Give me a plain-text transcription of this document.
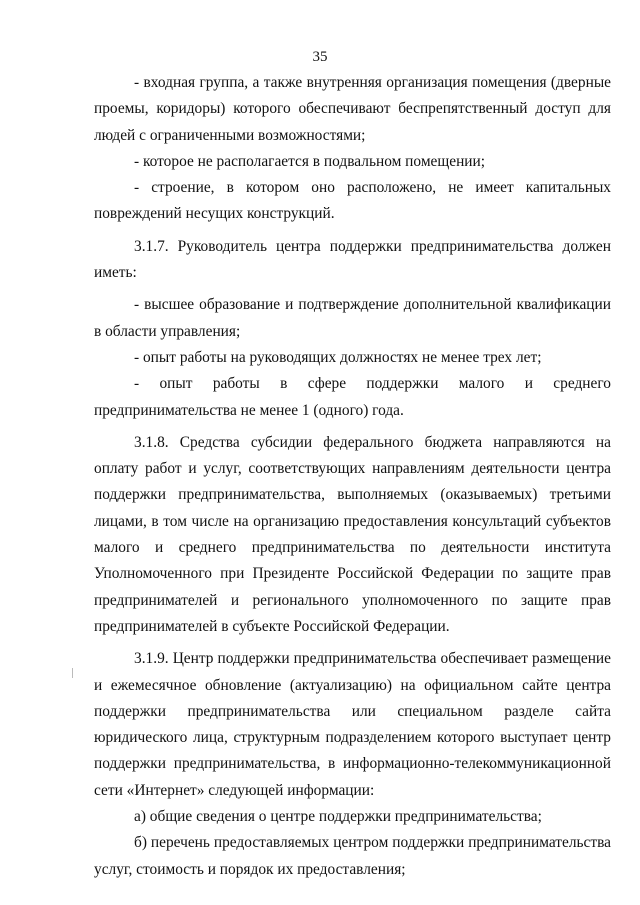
35

- входная группа, а также внутренняя организация помещения (дверные проемы, коридоры) которого обеспечивают беспрепятственный доступ для людей с ограниченными возможностями;

- которое не располагается в подвальном помещении;

- строение, в котором оно расположено, не имеет капитальных повреждений несущих конструкций.

3.1.7. Руководитель центра поддержки предпринимательства должен иметь:

- высшее образование и подтверждение дополнительной квалификации в области управления;

- опыт работы на руководящих должностях не менее трех лет;

- опыт работы в сфере поддержки малого и среднего предпринимательства не менее 1 (одного) года.

3.1.8. Средства субсидии федерального бюджета направляются на оплату работ и услуг, соответствующих направлениям деятельности центра поддержки предпринимательства, выполняемых (оказываемых) третьими лицами, в том числе на организацию предоставления консультаций субъектов малого и среднего предпринимательства по деятельности института Уполномоченного при Президенте Российской Федерации по защите прав предпринимателей и регионального уполномоченного по защите прав предпринимателей в субъекте Российской Федерации.

3.1.9. Центр поддержки предпринимательства обеспечивает размещение и ежемесячное обновление (актуализацию) на официальном сайте центра поддержки предпринимательства или специальном разделе сайта юридического лица, структурным подразделением которого выступает центр поддержки предпринимательства, в информационно-телекоммуникационной сети «Интернет» следующей информации:

а) общие сведения о центре поддержки предпринимательства;

б) перечень предоставляемых центром поддержки предпринимательства услуг, стоимость и порядок их предоставления;
